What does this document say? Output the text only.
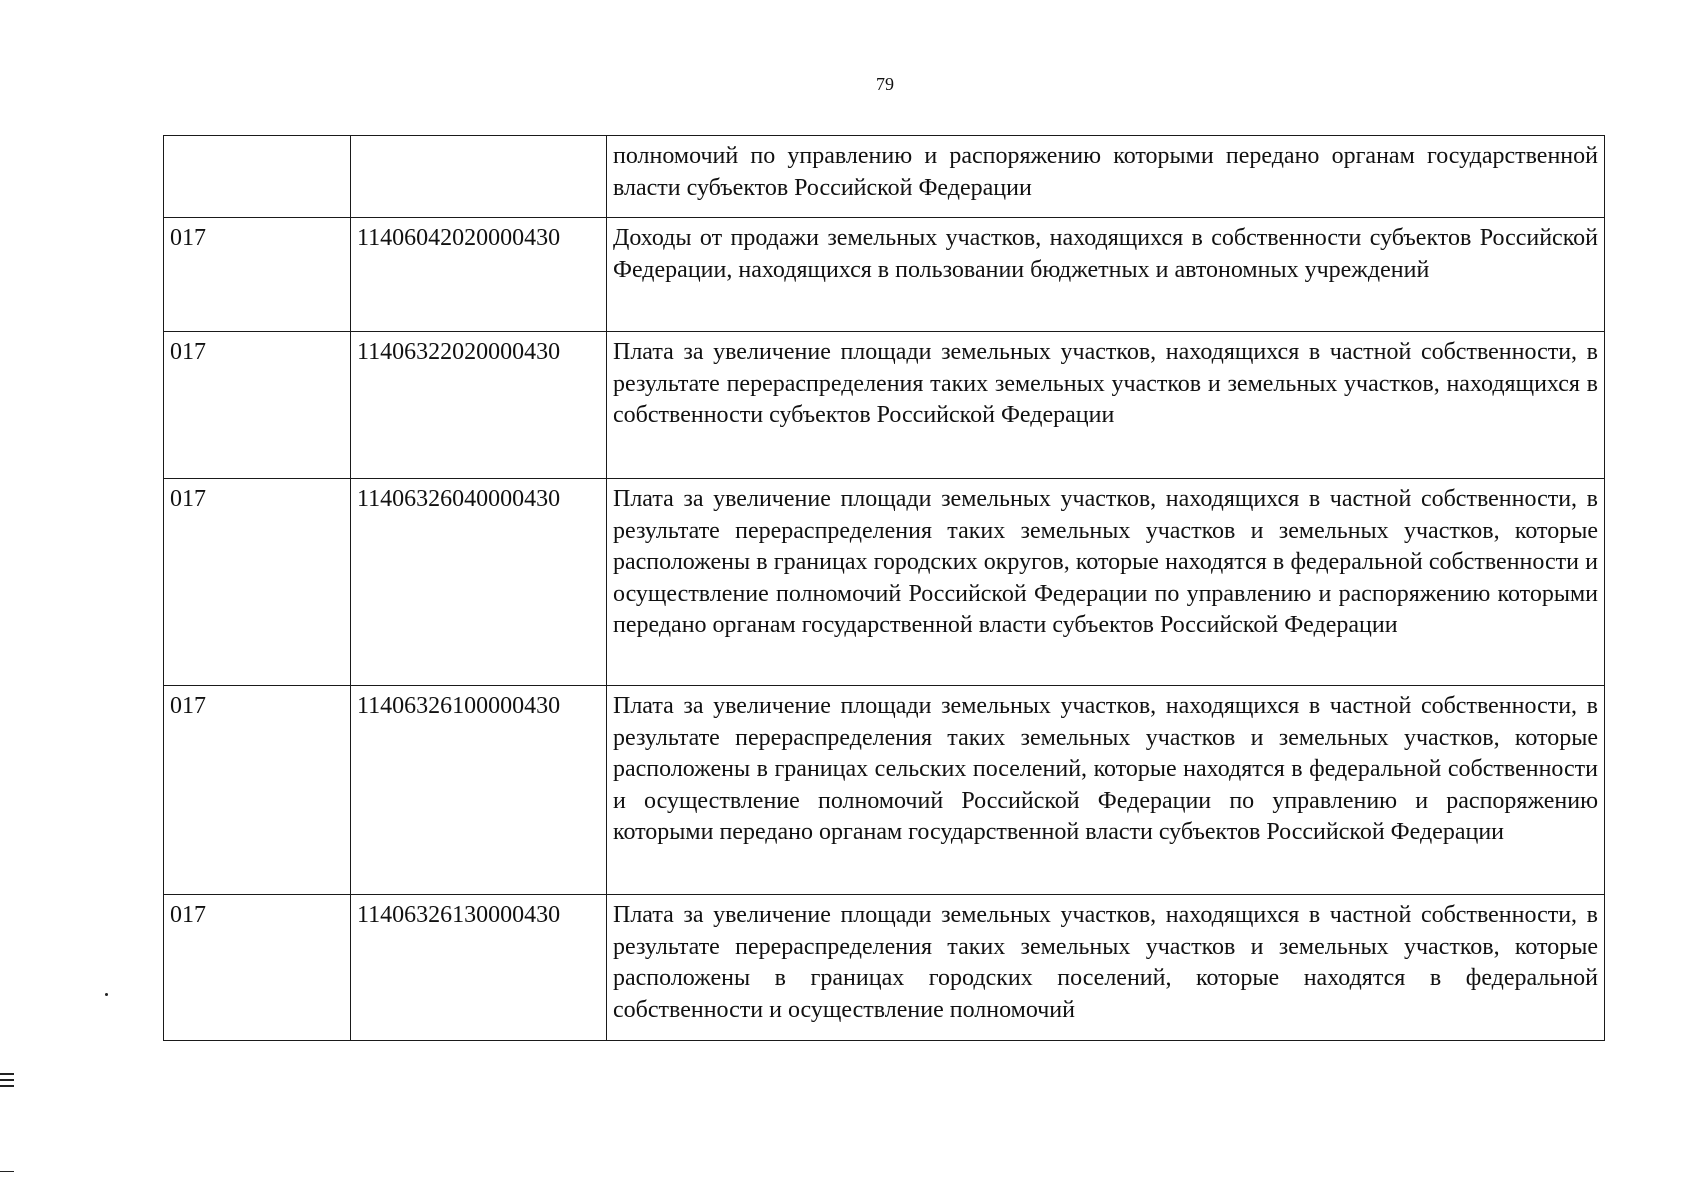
79
		полномочий по управлению и распоряжению которыми передано органам государственной власти субъектов Российской Федерации
017	11406042020000430	Доходы от продажи земельных участков, находящихся в собственности субъектов Российской Федерации, находящихся в пользовании бюджетных и автономных учреждений
017	11406322020000430	Плата за увеличение площади земельных участков, находящихся в частной собственности, в результате перераспределения таких земельных участков и земельных участков, находящихся в собственности субъектов Российской Федерации
017	11406326040000430	Плата за увеличение площади земельных участков, находящихся в частной собственности, в результате перераспределения таких земельных участков и земельных участков, которые расположены в границах городских округов, которые находятся в федеральной собственности и осуществление полномочий Российской Федерации по управлению и распоряжению которыми передано органам государственной власти субъектов Российской Федерации
017	11406326100000430	Плата за увеличение площади земельных участков, находящихся в частной собственности, в результате перераспределения таких земельных участков и земельных участков, которые расположены в границах сельских поселений, которые находятся в федеральной собственности и осуществление полномочий Российской Федерации по управлению и распоряжению которыми передано органам государственной власти субъектов Российской Федерации
017	11406326130000430	Плата за увеличение площади земельных участков, находящихся в частной собственности, в результате перераспределения таких земельных участков и земельных участков, которые расположены в границах городских поселений, которые находятся в федеральной собственности и осуществление полномочий
